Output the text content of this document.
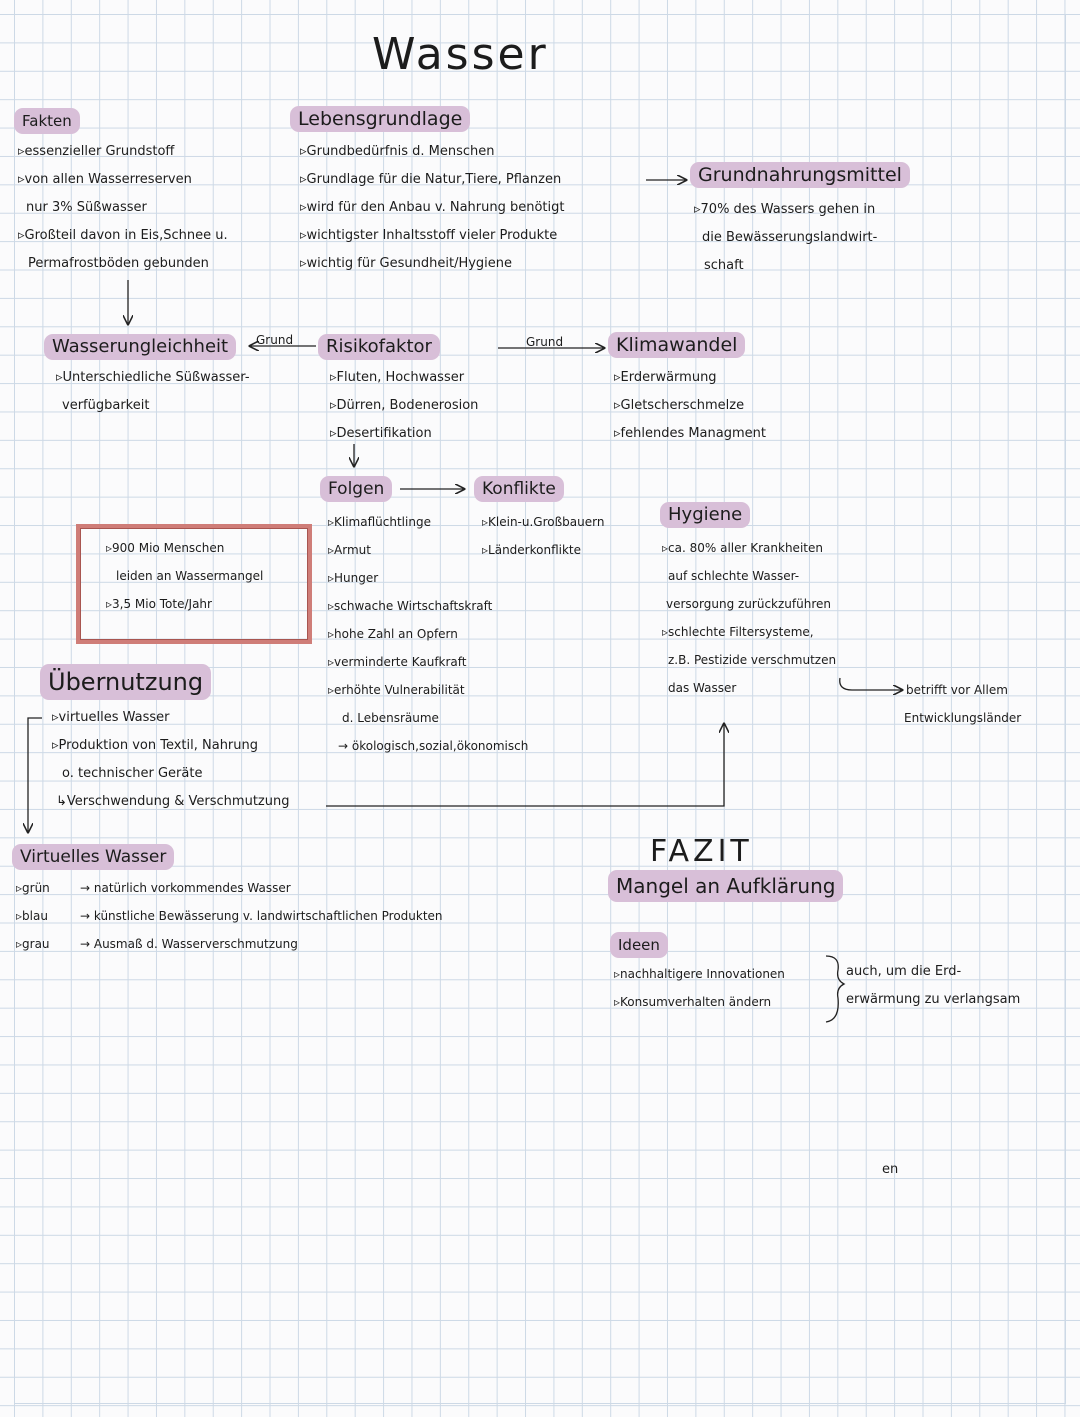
Wasser
Fakten
▹essenzieller Grundstoff
▹von allen Wasserreserven
nur 3% Süßwasser
▹Großteil davon in Eis,Schnee u.
Permafrostböden gebunden
Lebensgrundlage
▹Grundbedürfnis d. Menschen
▹Grundlage für die Natur,Tiere, Pflanzen
▹wird für den Anbau v. Nahrung benötigt
▹wichtigster Inhaltsstoff vieler Produkte
▹wichtig für Gesundheit/Hygiene
Grundnahrungsmittel
▹70% des Wassers gehen in
die Bewässerungslandwirt-
schaft
Wasserungleichheit	Grund
▹Unterschiedliche Süßwasser-
verfügbarkeit
Risikofaktor
▹Fluten, Hochwasser
▹Dürren, Bodenerosion
▹Desertifikation
Grund	Klimawandel
▹Erderwärmung
▹Gletscherschmelze
▹fehlendes Managment
Folgen
▹Klimaflüchtlinge
▹Armut
▹Hunger
▹schwache Wirtschaftskraft
▹hohe Zahl an Opfern
▹verminderte Kaufkraft
▹erhöhte Vulnerabilität
d. Lebensräume
→ ökologisch,sozial,ökonomisch
Konflikte
▹Klein-u.Großbauern
▹Länderkonflikte
Hygiene
▹ca. 80% aller Krankheiten
auf schlechte Wasser-
versorgung zurückzuführen
▹schlechte Filtersysteme,
z.B. Pestizide verschmutzen
das Wasser	betrifft vor Allem
Entwicklungsländer
▹900 Mio Menschen
leiden an Wassermangel
▹3,5 Mio Tote/Jahr
Übernutzung
▹virtuelles Wasser
▹Produktion von Textil, Nahrung
o. technischer Geräte
↳Verschwendung & Verschmutzung
Virtuelles Wasser
▹grün	→ natürlich vorkommendes Wasser
▹blau	→ künstliche Bewässerung v. landwirtschaftlichen Produkten
▹grau	→ Ausmaß d. Wasserverschmutzung
FAZIT
Mangel an Aufklärung
Ideen
▹nachhaltigere Innovationen
▹Konsumverhalten ändern
auch, um die Erd-
erwärmung zu verlangsam
en
